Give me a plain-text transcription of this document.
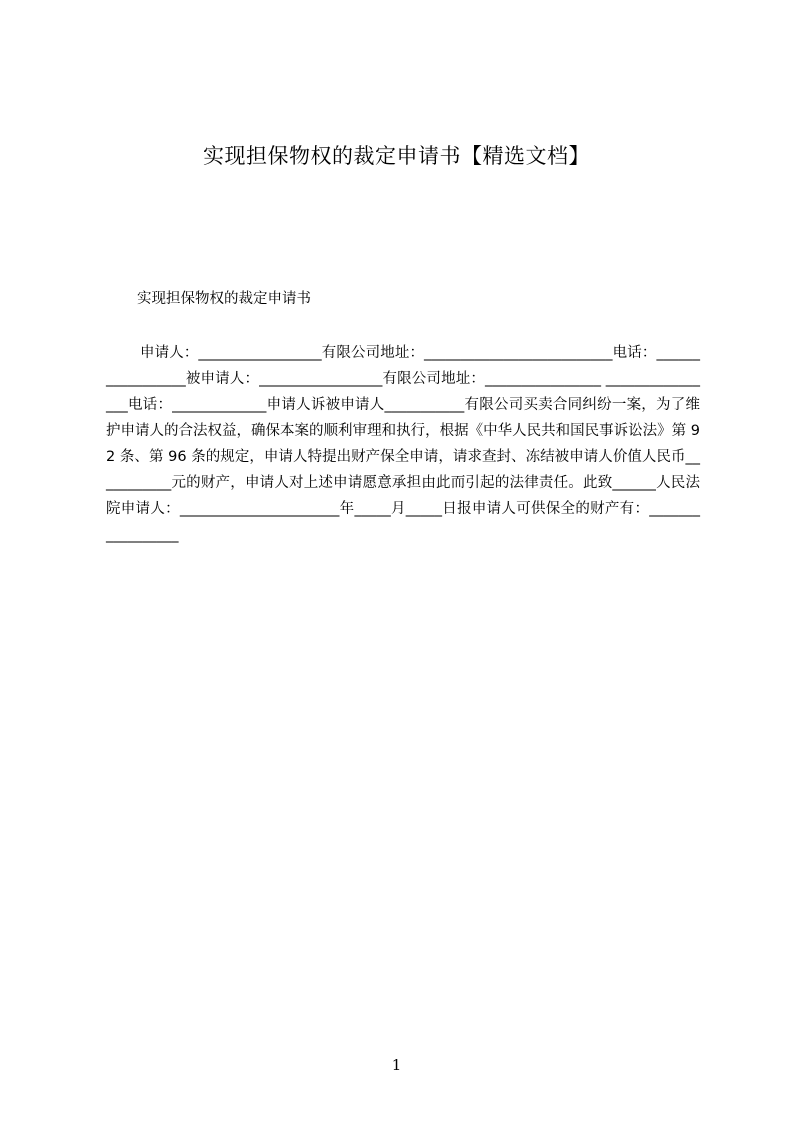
实现担保物权的裁定申请书【精选文档】
实现担保物权的裁定申请书

申请人：_________________有限公司地址：__________________________电话：_________________被申请人：_________________有限公司地址：________________ ________________电话：_____________申请人诉被申请人___________有限公司买卖合同纠纷一案，为了维护申请人的合法权益，确保本案的顺利审理和执行，根据《中华人民共和国民事诉讼法》第 92 条、第 96 条的规定，申请人特提出财产保全申请，请求查封、冻结被申请人价值人民币___________元的财产，申请人对上述申请愿意承担由此而引起的法律责任。此致______人民法院申请人：______________________年_____月_____日报申请人可供保全的财产有：_________________

1
